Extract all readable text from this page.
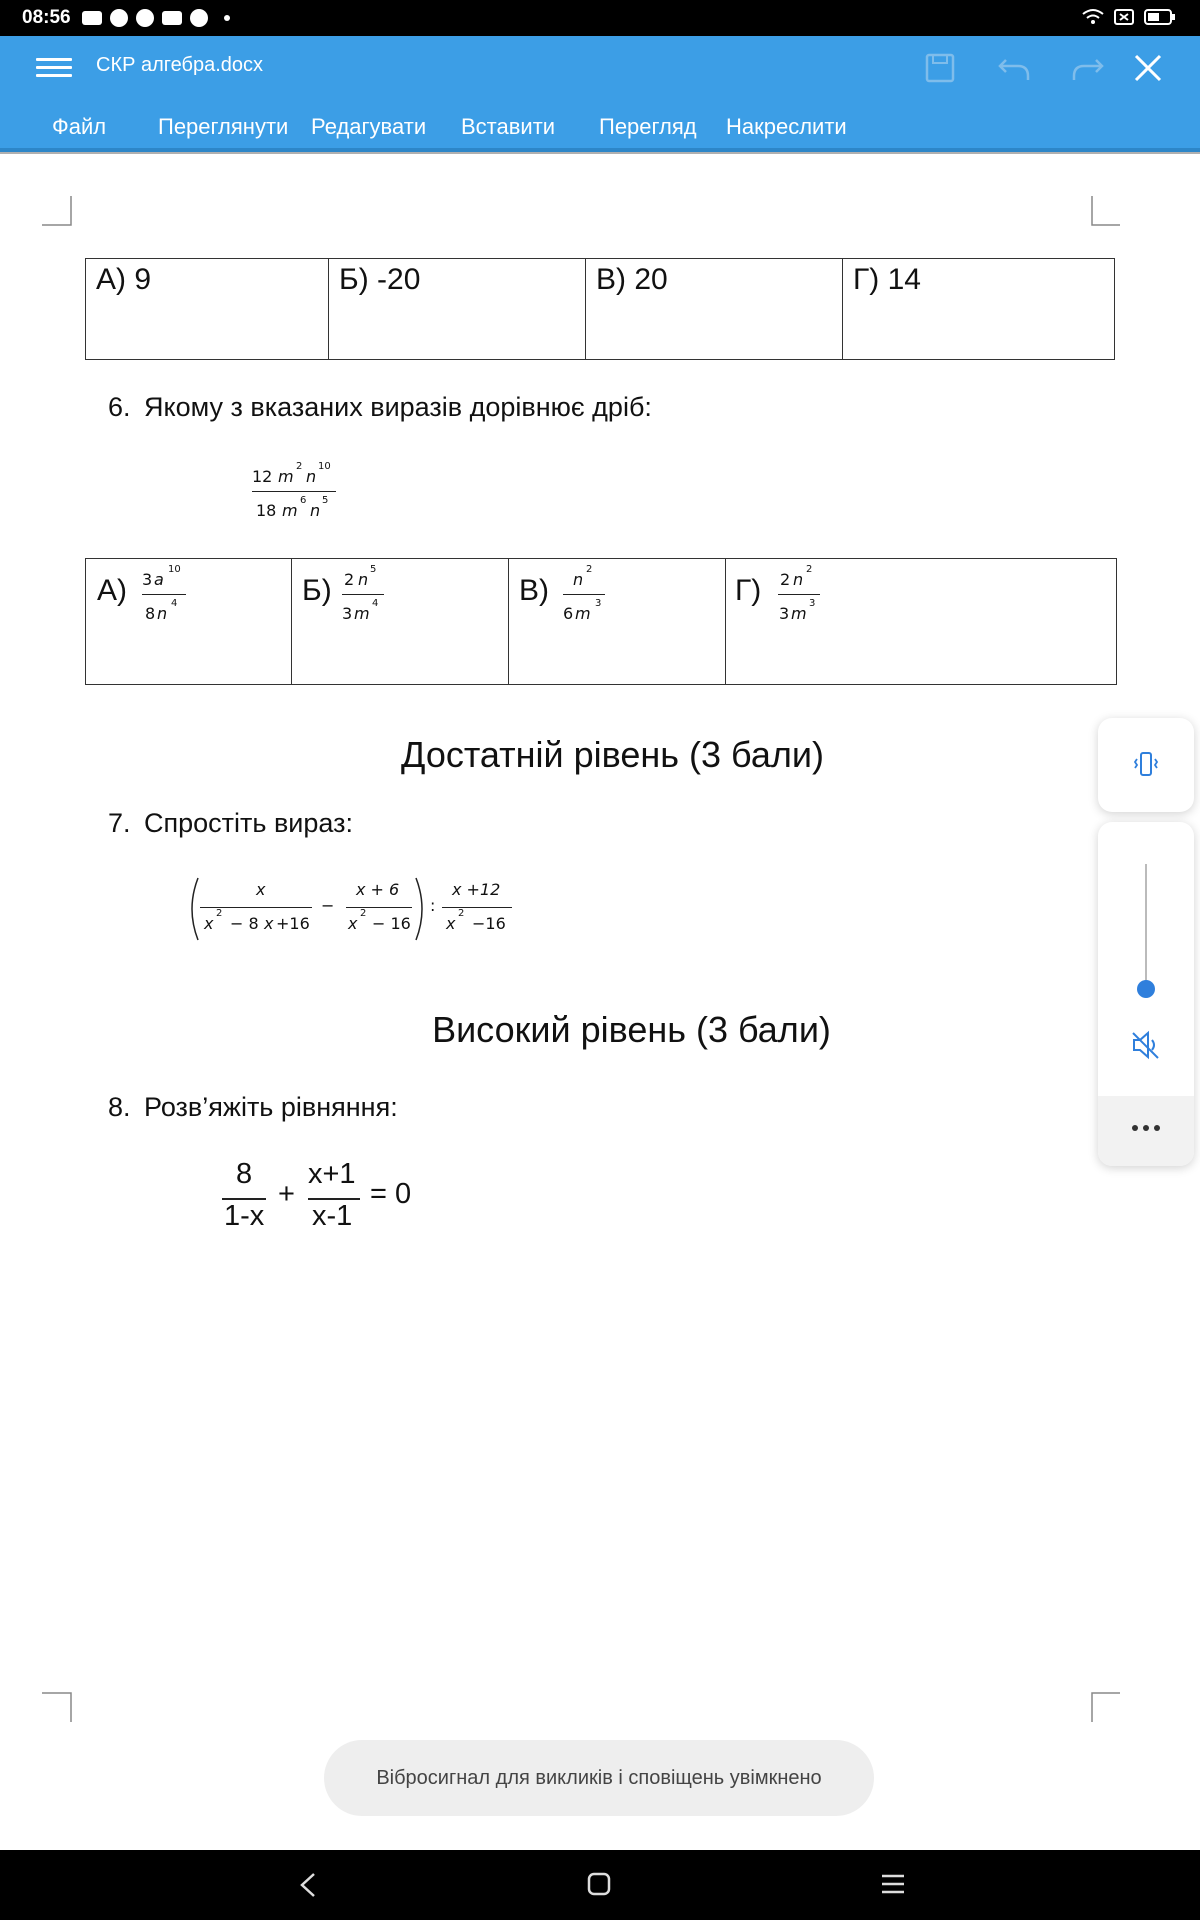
08:56
СКР алгебра.docx
Файл Переглянути Редагувати Вставити Перегляд Накреслити
А) 9	Б) -20	В) 20	Г) 14
6. Якому з вказаних виразів дорівнює дріб:
12 m
2
n
10
18 m
6
n
5

А) 3 a
10
8 n
4	Б) 2 n
5
3 m
4	В) n
2
6 m
3	Г) 2 n
2
3 m
3
Достатній рівень (3 бали)
7. Спростіть вираз:
x
x
2
− 8 x +16
−
x + 6
x
2
− 16
:
x +12
x
2
−16
Високий рівень (3 бали)
8. Розв’яжіть рівняння:
8
1-x
+
x+1
x-1
= 0
Вібросигнал для викликів і сповіщень увімкнено
